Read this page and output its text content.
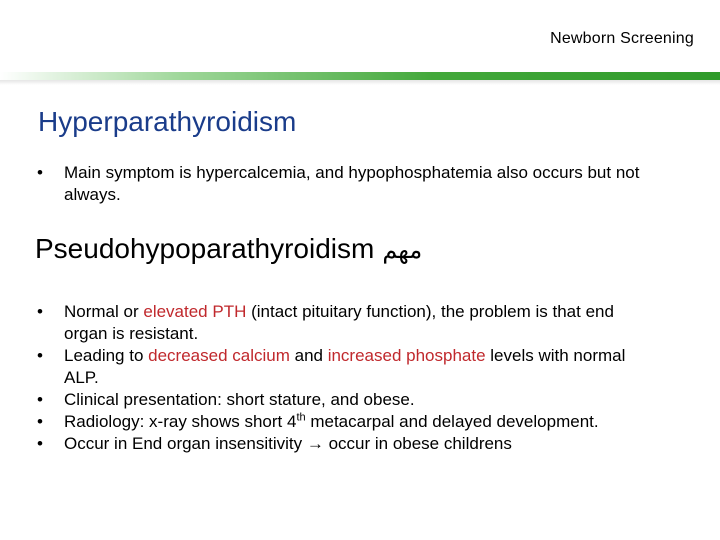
Newborn Screening
Hyperparathyroidism
•	Main symptom is hypercalcemia, and hypophosphatemia also occurs but not always.
Pseudohypoparathyroidism مهم
•	Normal or elevated PTH (intact pituitary function), the problem is that end organ is resistant.
•	Leading to decreased calcium and increased phosphate levels with normal ALP.
•	Clinical presentation: short stature, and obese.
•	Radiology: x-ray shows short 4th metacarpal and delayed development.
•	Occur in End organ insensitivity → occur in obese childrens
